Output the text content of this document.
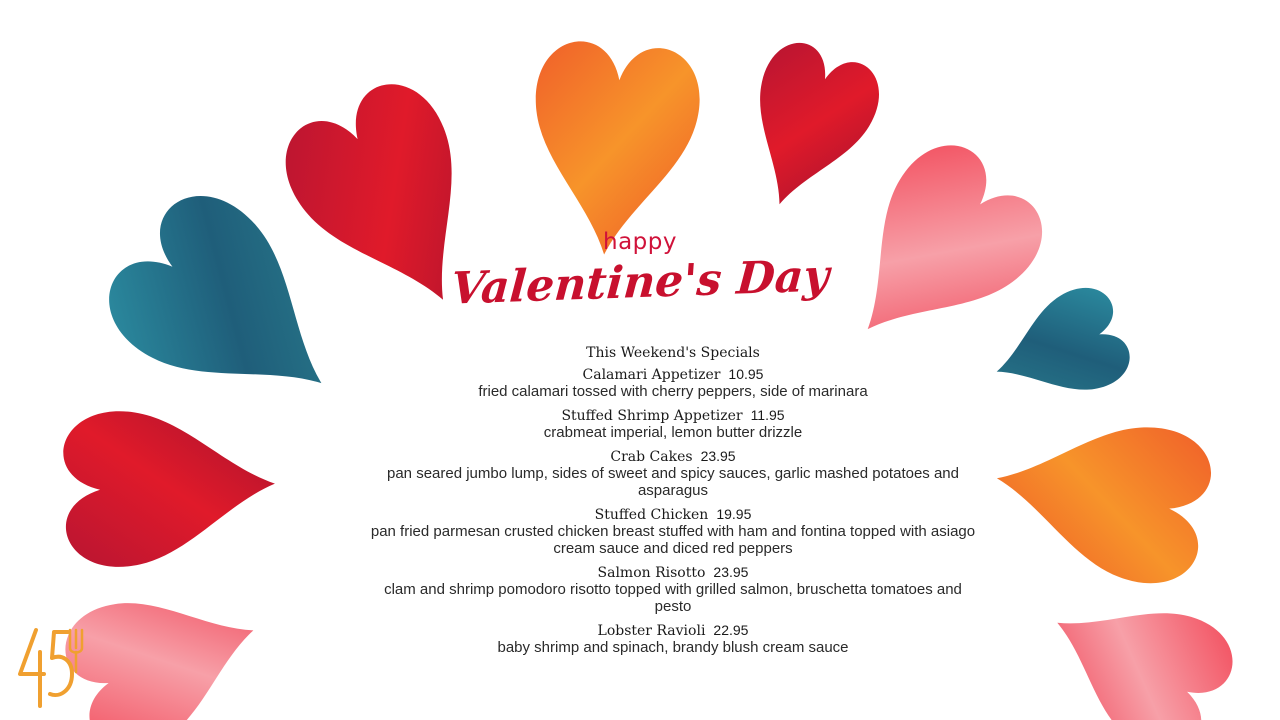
happy
Valentine's Day
This Weekend's Specials
Calamari Appetizer 10.95
fried calamari tossed with cherry peppers, side of marinara
Stuffed Shrimp Appetizer 11.95
crabmeat imperial, lemon butter drizzle
Crab Cakes 23.95
pan seared jumbo lump, sides of sweet and spicy sauces, garlic mashed potatoes and asparagus
Stuffed Chicken 19.95
pan fried parmesan crusted chicken breast stuffed with ham and fontina topped with asiago cream sauce and diced red peppers
Salmon Risotto 23.95
clam and shrimp pomodoro risotto topped with grilled salmon, bruschetta tomatoes and pesto
Lobster Ravioli 22.95
baby shrimp and spinach, brandy blush cream sauce
